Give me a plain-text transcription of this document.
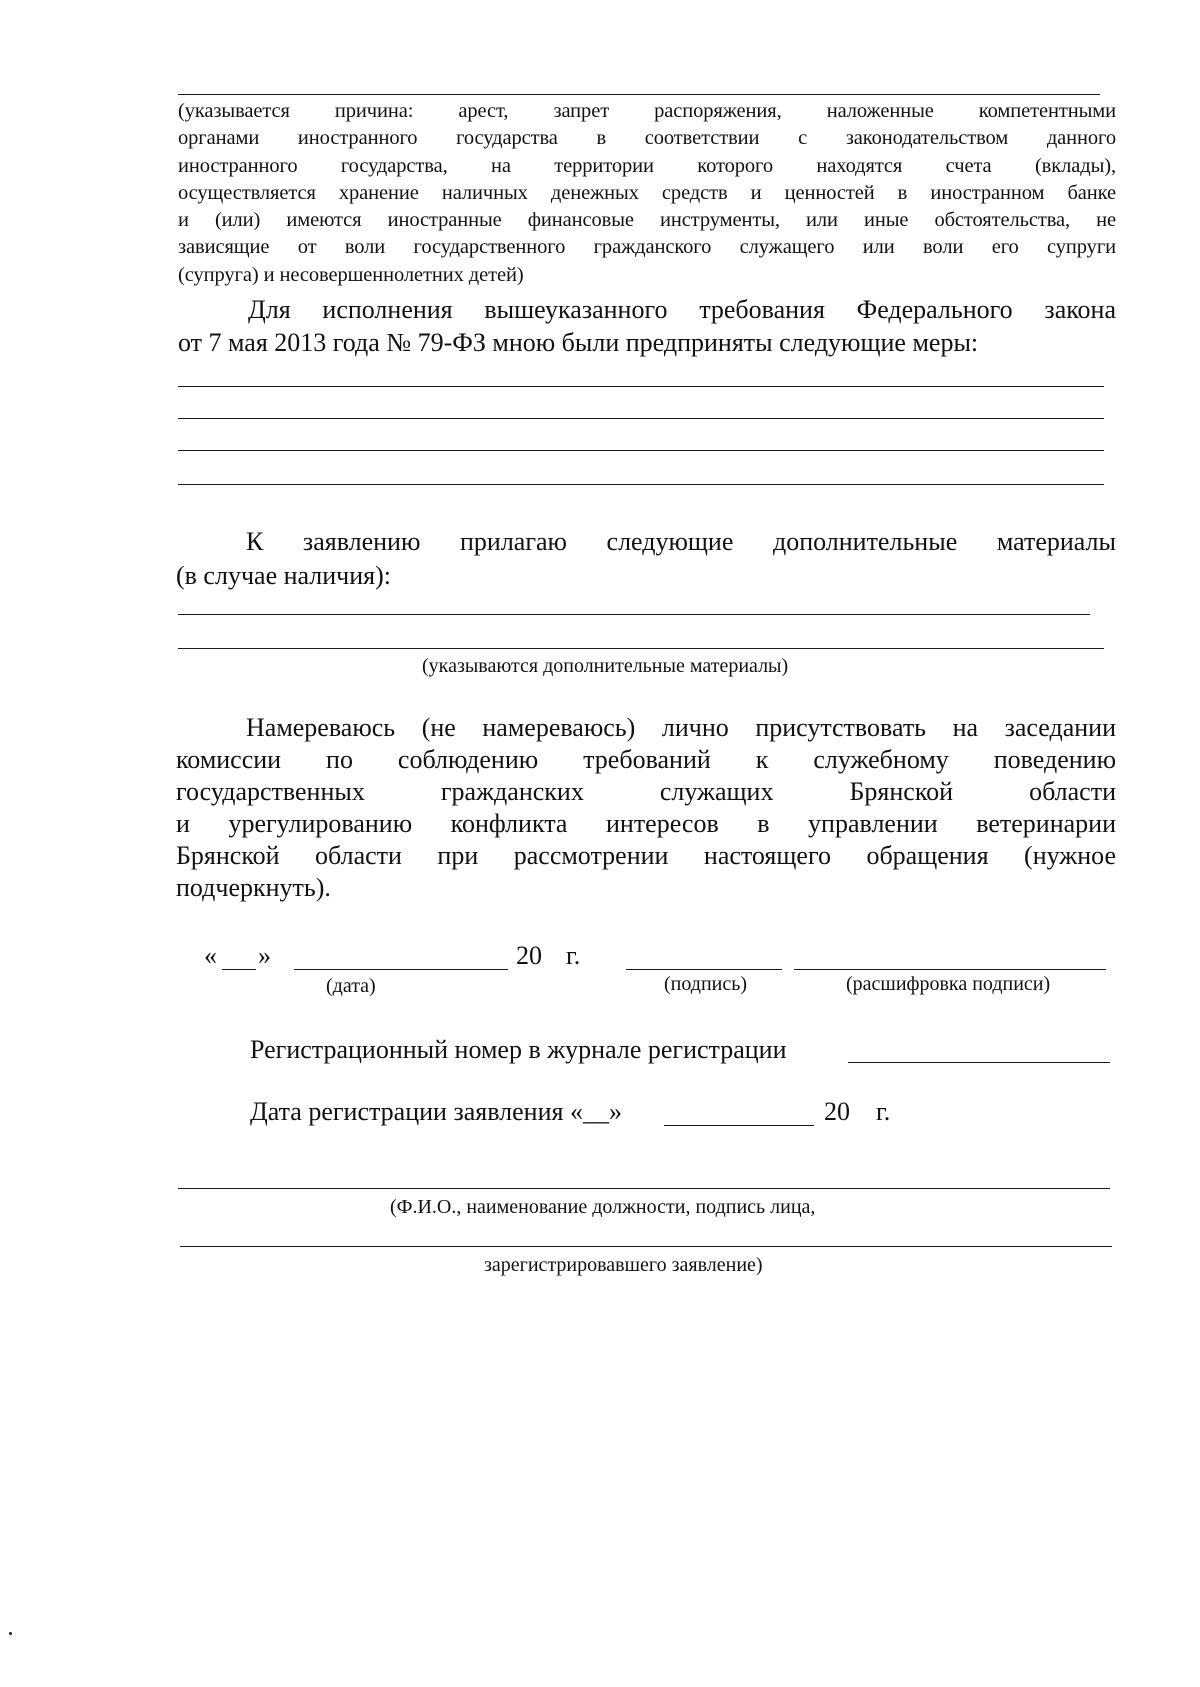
(указывается причина: арест, запрет распоряжения, наложенные компетентными
органами иностранного государства в соответствии с законодательством данного
иностранного государства, на территории которого находятся счета (вклады),
осуществляется хранение наличных денежных средств и ценностей в иностранном банке
и (или) имеются иностранные финансовые инструменты, или иные обстоятельства, не
зависящие от воли государственного гражданского служащего или воли его супруги
(супруга) и несовершеннолетних детей)
Для исполнения вышеуказанного требования Федерального закона
от 7 мая 2013 года № 79-ФЗ мною были предприняты следующие меры:
К заявлению прилагаю следующие дополнительные материалы
(в случае наличия):
(указываются дополнительные материалы)
Намереваюсь (не намереваюсь) лично присутствовать на заседании
комиссии по соблюдению требований к служебному поведению
государственных гражданских служащих Брянской области
и урегулированию конфликта интересов в управлении ветеринарии
Брянской области при рассмотрении настоящего обращения (нужное
подчеркнуть).
« »	20 г.
(дата)	(подпись)	(расшифровка подписи)
Регистрационный номер в журнале регистрации
Дата регистрации заявления «__»	20 г.
(Ф.И.О., наименование должности, подпись лица,
зарегистрировавшего заявление)
